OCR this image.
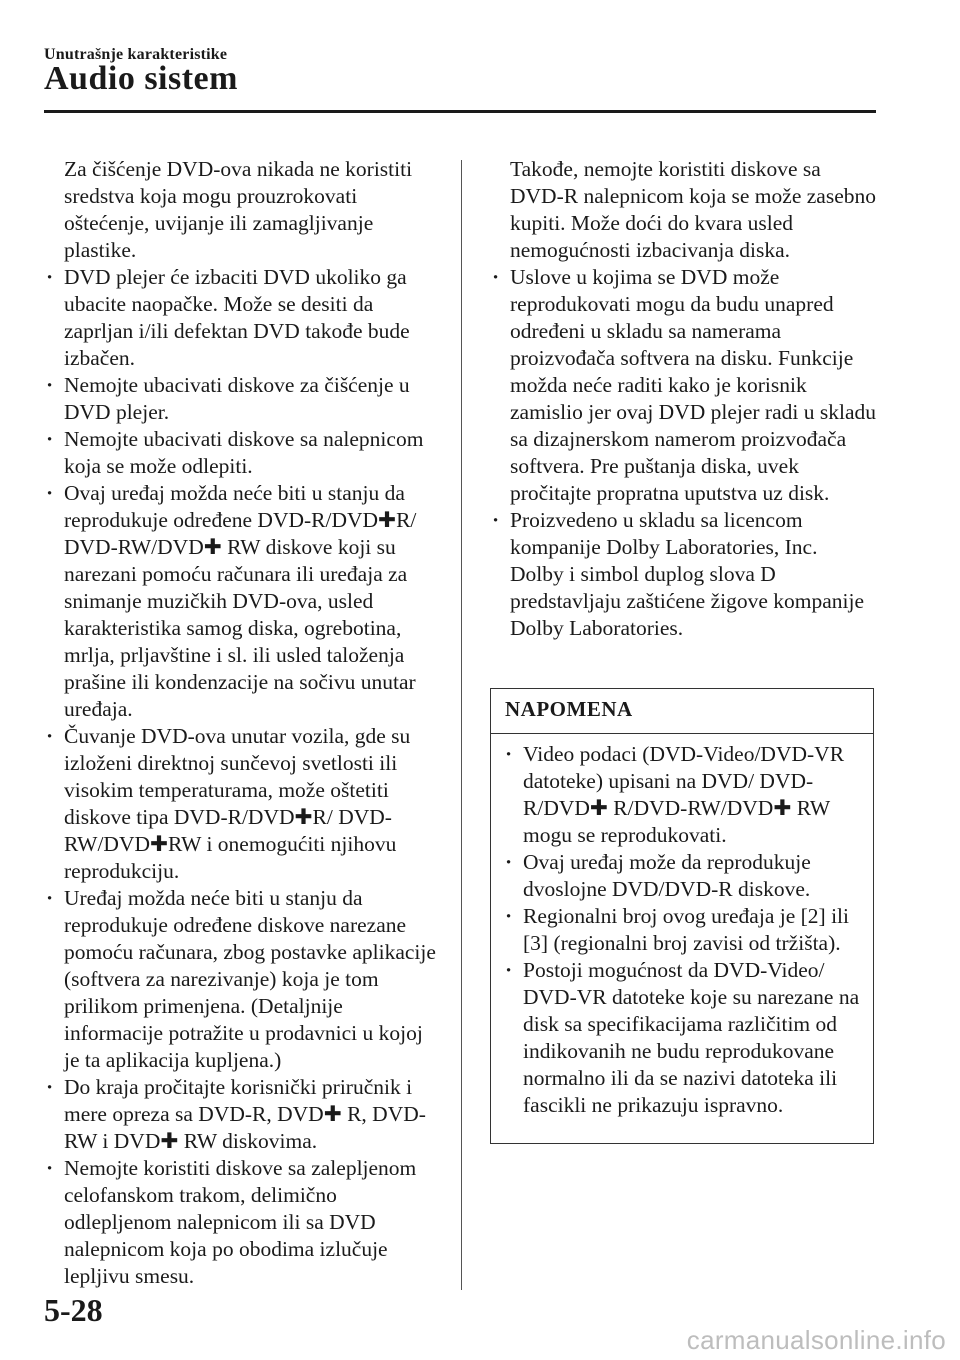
Unutrašnje karakteristike
Audio sistem

Za čišćenje DVD-ova nikada ne koristiti sredstva koja mogu prouzrokovati oštećenje, uvijanje ili zamagljivanje plastike.

· DVD plejer će izbaciti DVD ukoliko ga ubacite naopačke. Može se desiti da zaprljan i/ili defektan DVD takođe bude izbačen.

· Nemojte ubacivati diskove za čišćenje u DVD plejer.

· Nemojte ubacivati diskove sa nalepnicom koja se može odlepiti.

· Ovaj uređaj možda neće biti u stanju da reprodukuje određene DVD-R/DVD✚R/ DVD-RW/DVD✚ RW diskove koji su narezani pomoću računara ili uređaja za snimanje muzičkih DVD-ova, usled karakteristika samog diska, ogrebotina, mrlja, prljavštine i sl. ili usled taloženja prašine ili kondenzacije na sočivu unutar uređaja.

· Čuvanje DVD-ova unutar vozila, gde su izloženi direktnoj sunčevoj svetlosti ili visokim temperaturama, može oštetiti diskove tipa DVD-R/DVD✚R/ DVD-RW/DVD✚RW i onemogućiti njihovu reprodukciju.

· Uređaj možda neće biti u stanju da reprodukuje određene diskove narezane pomoću računara, zbog postavke aplikacije (softvera za narezivanje) koja je tom prilikom primenjena. (Detaljnije informacije potražite u prodavnici u kojoj je ta aplikacija kupljena.)

· Do kraja pročitajte korisnički priručnik i mere opreza sa DVD-R, DVD✚ R, DVD-RW i DVD✚ RW diskovima.

· Nemojte koristiti diskove sa zalepljenom celofanskom trakom, delimično odlepljenom nalepnicom ili sa DVD nalepnicom koja po obodima izlučuje lepljivu smesu.

Takođe, nemojte koristiti diskove sa DVD-R nalepnicom koja se može zasebno kupiti. Može doći do kvara usled nemogućnosti izbacivanja diska.

· Uslove u kojima se DVD može reprodukovati mogu da budu unapred određeni u skladu sa namerama proizvođača softvera na disku. Funkcije možda neće raditi kako je korisnik zamislio jer ovaj DVD plejer radi u skladu sa dizajnerskom namerom proizvođača softvera. Pre puštanja diska, uvek pročitajte propratna uputstva uz disk.

· Proizvedeno u skladu sa licencom kompanije Dolby Laboratories, Inc. Dolby i simbol duplog slova D predstavljaju zaštićene žigove kompanije Dolby Laboratories.

NAPOMENA

· Video podaci (DVD-Video/DVD-VR datoteke) upisani na DVD/ DVD-R/DVD✚ R/DVD-RW/DVD✚ RW mogu se reprodukovati.

· Ovaj uređaj može da reprodukuje dvoslojne DVD/DVD-R diskove.

· Regionalni broj ovog uređaja je [2] ili [3] (regionalni broj zavisi od tržišta).

· Postoji mogućnost da DVD-Video/ DVD-VR datoteke koje su narezane na disk sa specifikacijama različitim od indikovanih ne budu reprodukovane normalno ili da se nazivi datoteka ili fascikli ne prikazuju ispravno.

5-28
carmanualsonline.info
